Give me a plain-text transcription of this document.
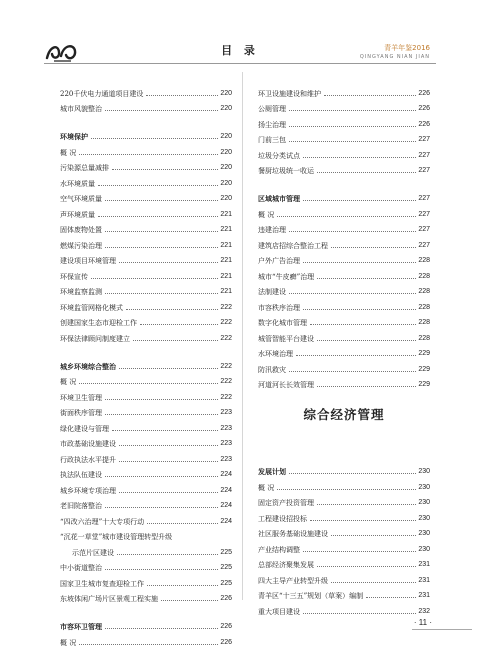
目 录	青羊年鉴2016
QINGYANG NIAN JIAN
220千伏电力通道项目建设	220
城市风貌整治	220
环境保护	220
概 况	220
污染源总量减排	220
水环境质量	220
空气环境质量	220
声环境质量	221
固体废物处置	221
燃煤污染治理	221
建设项目环境管理	221
环保宣传	221
环境监察监测	221
环境监管网格化模式	222
创建国家生态市迎检工作	222
环保法律顾问制度建立	222
城乡环境综合整治	222
概 况	222
环境卫生管理	222
街面秩序管理	223
绿化建设与管理	223
市政基础设施建设	223
行政执法水平提升	223
执法队伍建设	224
城乡环境专项治理	224
老旧院落整治	224
“四改六治理”十大专项行动	224
“沉花一草堂”城市建设管理转型升级
示范片区建设	225
中小街道整治	225
国家卫生城市复查迎检工作	225
东坡体闲广场片区景观工程实施	226
市容环卫管理	226
概 况	226
环卫设施建设和维护	226
公厕管理	226
扬尘治理	226
门前三包	227
垃圾分类试点	227
餐厨垃圾统一收运	227
区域城市管理	227
概 况	227
违建治理	227
建筑店招综合整治工程	227
户外广告治理	228
城市“牛皮癣”治理	228
法制建设	228
市容秩序治理	228
数字化城市管理	228
城管智能平台建设	228
水环境治理	229
防汛救灾	229
河道河长长效管理	229
综合经济管理
发展计划	230
概 况	230
固定资产投资管理	230
工程建设招投标	230
社区服务基础设施建设	230
产业结构调整	230
总部经济聚集发展	231
四大主导产业转型升级	231
青羊区“十三五”规划（草案）编制	231
重大项目建设	232
· 11 ·
